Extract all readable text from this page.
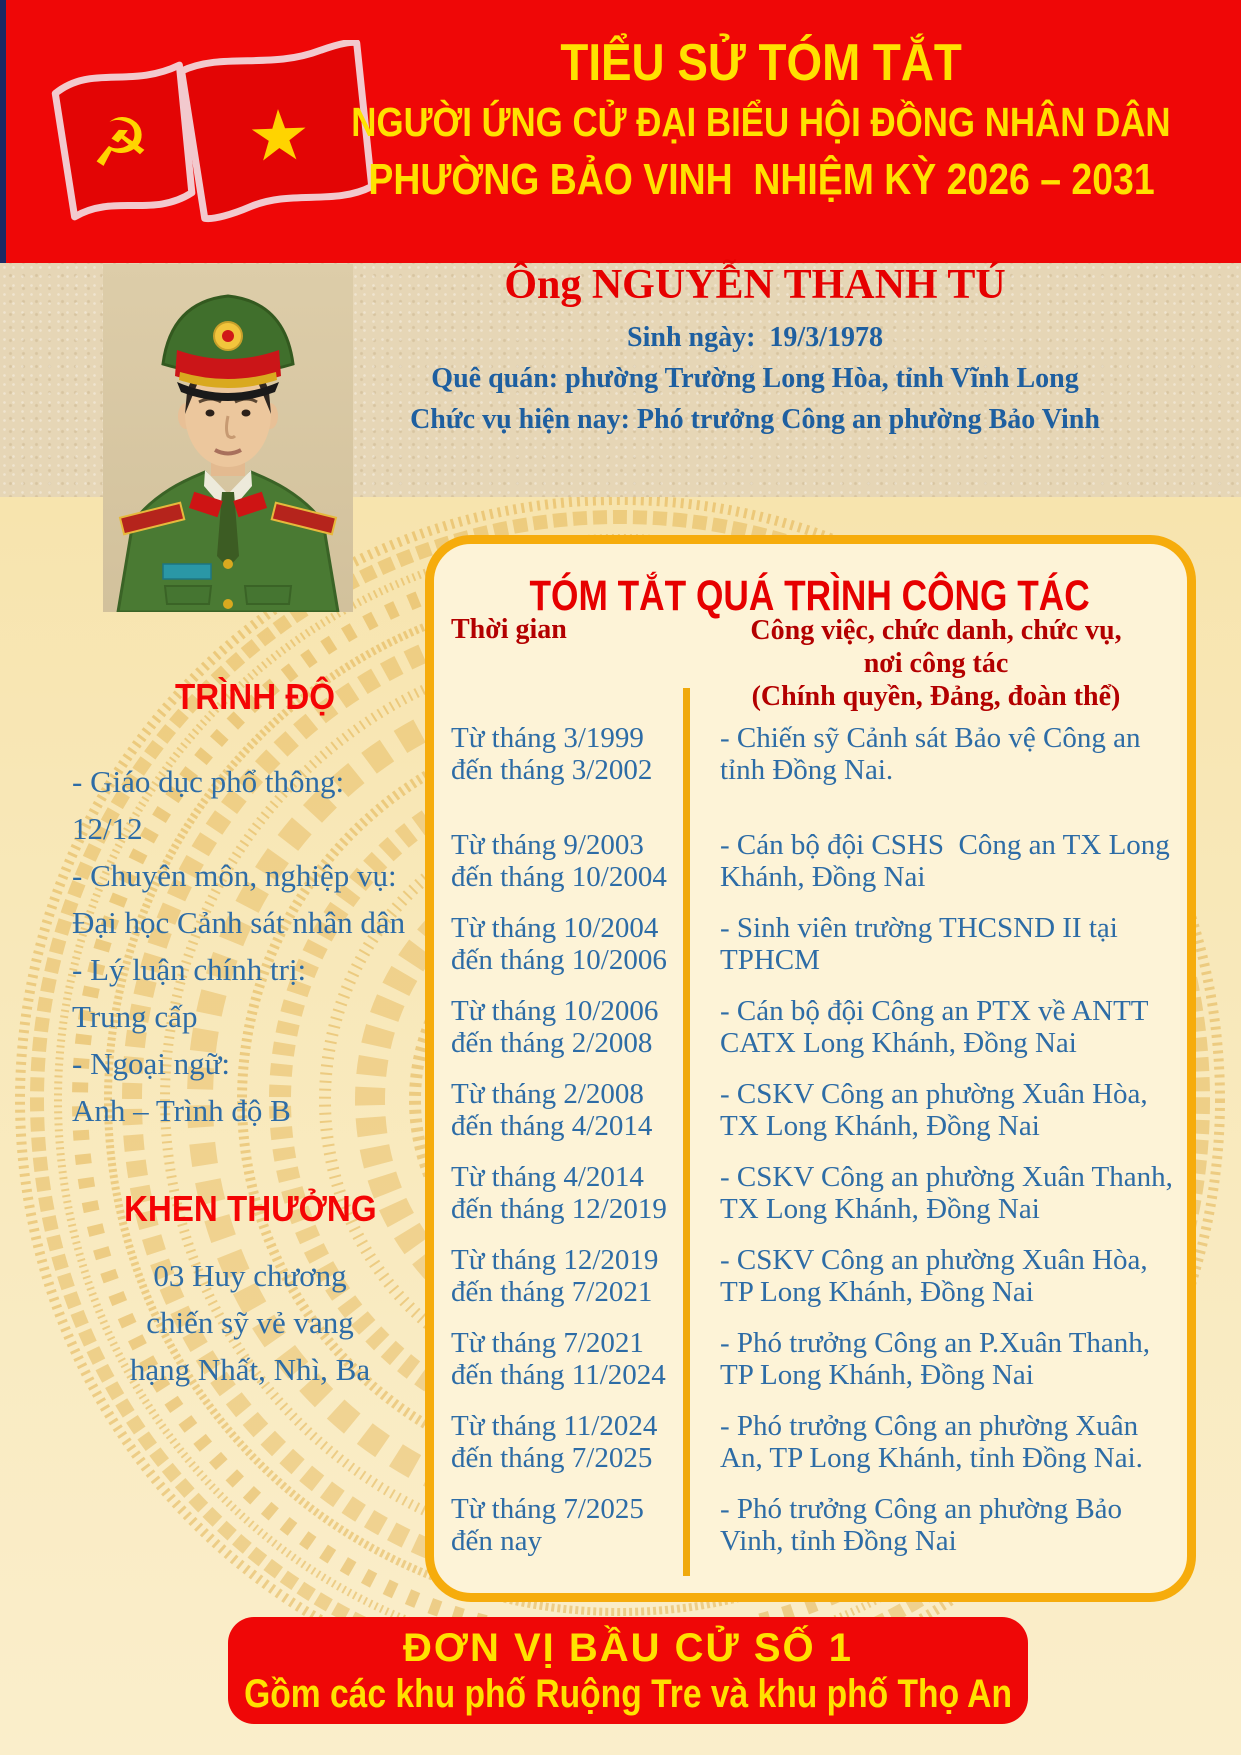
☭ ★
TIỂU SỬ TÓM TẮT
NGƯỜI ỨNG CỬ ĐẠI BIỂU HỘI ĐỒNG NHÂN DÂN
PHƯỜNG BẢO VINH  NHIỆM KỲ 2026 – 2031
Ông NGUYỄN THANH TÚ
Sinh ngày:  19/3/1978
Quê quán: phường Trường Long Hòa, tỉnh Vĩnh Long
Chức vụ hiện nay: Phó trưởng Công an phường Bảo Vinh
TRÌNH ĐỘ
- Giáo dục phổ thông:
12/12
- Chuyên môn, nghiệp vụ:
Đại học Cảnh sát nhân dân
- Lý luận chính trị:
Trung cấp
- Ngoại ngữ:
Anh – Trình độ B
KHEN THƯỞNG
03 Huy chương
chiến sỹ vẻ vang
hạng Nhất, Nhì, Ba
TÓM TẮT QUÁ TRÌNH CÔNG TÁC
Thời gian	Công việc, chức danh, chức vụ,
nơi công tác
(Chính quyền, Đảng, đoàn thể)
Từ tháng 3/1999
đến tháng 3/2002
- Chiến sỹ Cảnh sát Bảo vệ Công an
tỉnh Đồng Nai.
Từ tháng 9/2003
đến tháng 10/2004
- Cán bộ đội CSHS  Công an TX Long
Khánh, Đồng Nai
Từ tháng 10/2004
đến tháng 10/2006
- Sinh viên trường THCSND II tại
TPHCM
Từ tháng 10/2006
đến tháng 2/2008
- Cán bộ đội Công an PTX về ANTT
CATX Long Khánh, Đồng Nai
Từ tháng 2/2008
đến tháng 4/2014
- CSKV Công an phường Xuân Hòa,
TX Long Khánh, Đồng Nai
Từ tháng 4/2014
đến tháng 12/2019
- CSKV Công an phường Xuân Thanh,
TX Long Khánh, Đồng Nai
Từ tháng 12/2019
đến tháng 7/2021
- CSKV Công an phường Xuân Hòa,
TP Long Khánh, Đồng Nai
Từ tháng 7/2021
đến tháng 11/2024
- Phó trưởng Công an P.Xuân Thanh,
TP Long Khánh, Đồng Nai
Từ tháng 11/2024
đến tháng 7/2025
- Phó trưởng Công an phường Xuân
An, TP Long Khánh, tỉnh Đồng Nai.
Từ tháng 7/2025
đến nay
- Phó trưởng Công an phường Bảo
Vinh, tỉnh Đồng Nai
ĐƠN VỊ BẦU CỬ SỐ 1
Gồm các khu phố Ruộng Tre và khu phố Thọ An
